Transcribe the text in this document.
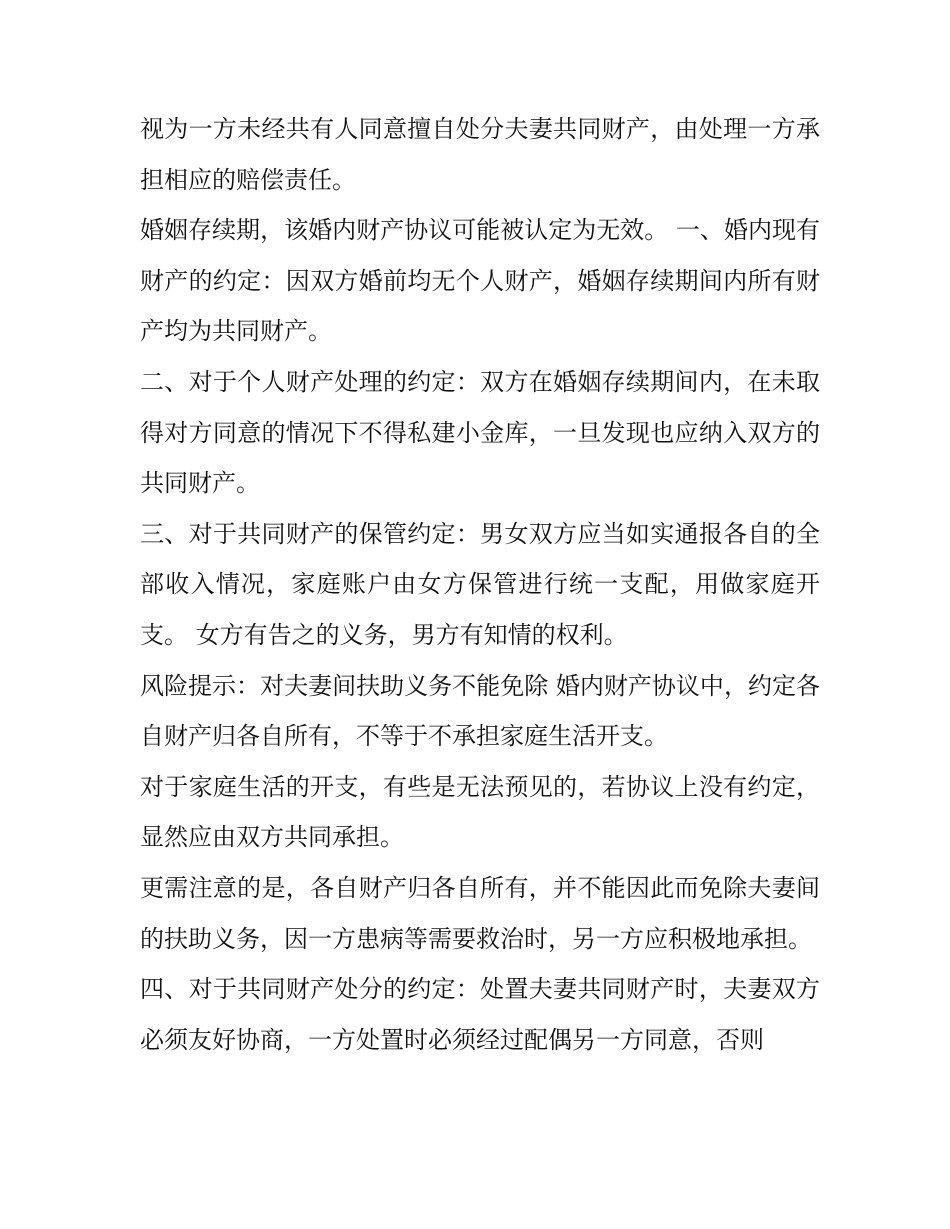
视为一方未经共有人同意擅自处分夫妻共同财产，由处理一方承担相应的赔偿责任。

婚姻存续期，该婚内财产协议可能被认定为无效。 一、婚内现有财产的约定：因双方婚前均无个人财产，婚姻存续期间内所有财产均为共同财产。

二、对于个人财产处理的约定：双方在婚姻存续期间内，在未取得对方同意的情况下不得私建小金库，一旦发现也应纳入双方的共同财产。

三、对于共同财产的保管约定：男女双方应当如实通报各自的全部收入情况，家庭账户由女方保管进行统一支配，用做家庭开支。 女方有告之的义务，男方有知情的权利。

风险提示：对夫妻间扶助义务不能免除 婚内财产协议中，约定各自财产归各自所有，不等于不承担家庭生活开支。

对于家庭生活的开支，有些是无法预见的，若协议上没有约定，显然应由双方共同承担。

更需注意的是，各自财产归各自所有，并不能因此而免除夫妻间的扶助义务，因一方患病等需要救治时，另一方应积极地承担。

四、对于共同财产处分的约定：处置夫妻共同财产时，夫妻双方必须友好协商，一方处置时必须经过配偶另一方同意，否则
